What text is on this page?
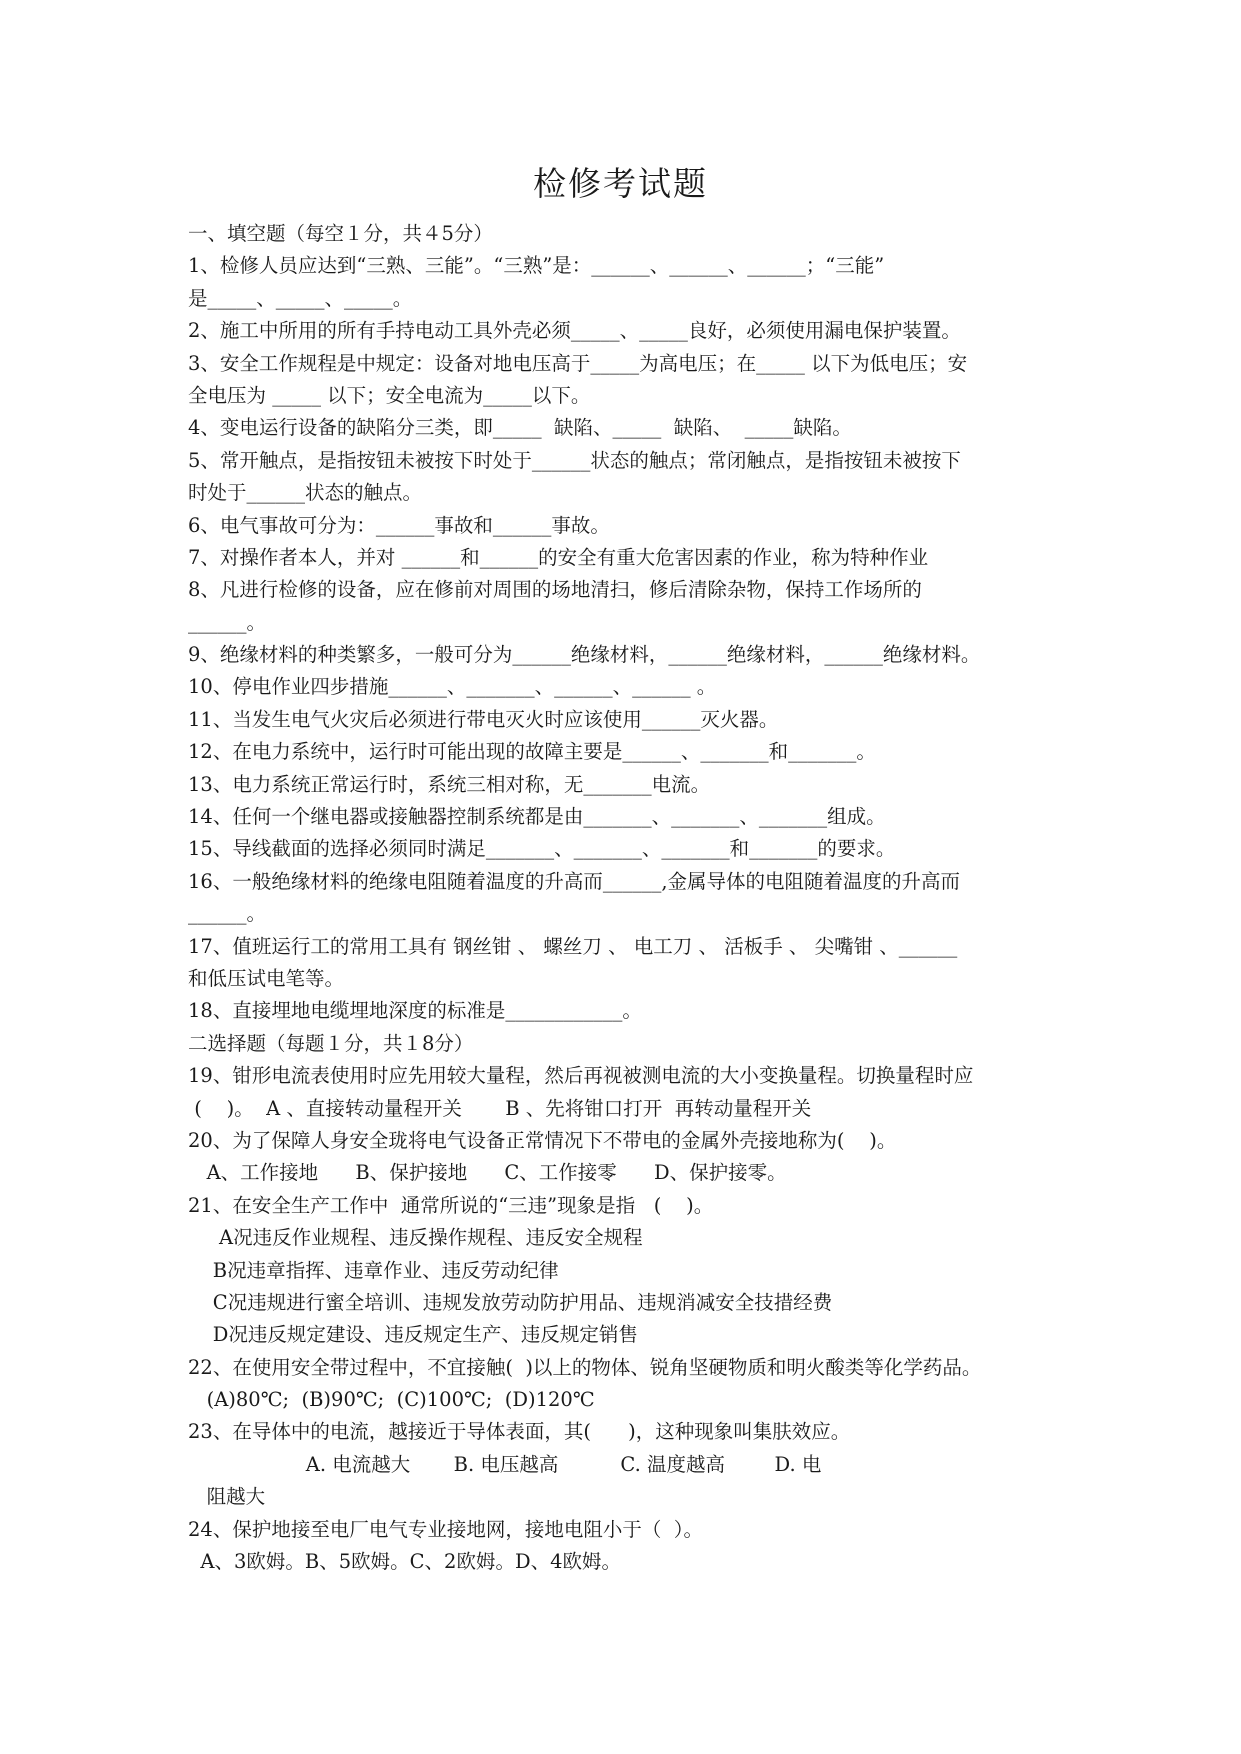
检修考试题
一、填空题（每空１分，共４5分）
1、检修人员应达到“三熟、三能”。“三熟”是：______、______、______；“三能”
是_____、_____、_____。
2、施工中所用的所有手持电动工具外壳必须_____、_____良好，必须使用漏电保护装置。
3、安全工作规程是中规定：设备对地电压高于_____为高电压；在_____ 以下为低电压；安
全电压为 _____ 以下；安全电流为_____以下。
4、变电运行设备的缺陷分三类，即_____  缺陷、_____  缺陷、  _____缺陷。
5、常开触点，是指按钮未被按下时处于______状态的触点；常闭触点，是指按钮未被按下
时处于______状态的触点。
6、电气事故可分为：______事故和______事故。
7、对操作者本人，并对 ______和______的安全有重大危害因素的作业，称为特种作业
8、凡进行检修的设备，应在修前对周围的场地清扫，修后清除杂物，保持工作场所的
______。
9、绝缘材料的种类繁多，一般可分为______绝缘材料，______绝缘材料，______绝缘材料。
10、停电作业四步措施______、_______、______、______ 。
11、当发生电气火灾后必须进行带电灭火时应该使用______灭火器。
12、在电力系统中，运行时可能出现的故障主要是______、_______和_______。
13、电力系统正常运行时，系统三相对称，无_______电流。
14、任何一个继电器或接触器控制系统都是由_______、_______、_______组成。
15、导线截面的选择必须同时满足_______、_______、_______和_______的要求。
16、一般绝缘材料的绝缘电阻随着温度的升高而______,金属导体的电阻随着温度的升高而
______。
17、值班运行工的常用工具有 钢丝钳 、 螺丝刀 、 电工刀 、 活板手 、 尖嘴钳 、______
和低压试电笔等。
18、直接埋地电缆埋地深度的标准是____________。
二选择题（每题１分，共１8分）
19、钳形电流表使用时应先用较大量程，然后再视被测电流的大小变换量程。切换量程时应
(    )。  A 、直接转动量程开关       B 、先将钳口打开  再转动量程开关
20、为了保障人身安全珑将电气设备正常情况下不带电的金属外壳接地称为(    )。
A、工作接地      B、保护接地      C、工作接零      D、保护接零。
21、在安全生产工作中  通常所说的“三违”现象是指   (    )。
A况违反作业规程、违反操作规程、违反安全规程
B况违章指挥、违章作业、违反劳动纪律
C况违规进行蜜全培训、违规发放劳动防护用品、违规消减安全技措经费
D况违反规定建设、违反规定生产、违反规定销售
22、在使用安全带过程中，不宜接触(  )以上的物体、锐角坚硬物质和明火酸类等化学药品。
(A)80℃;  (B)90℃;  (C)100℃;  (D)120℃
23、在导体中的电流，越接近于导体表面，其(      )，这种现象叫集肤效应。
A. 电流越大       B. 电压越高          C. 温度越高        D. 电
阻越大
24、保护地接至电厂电气专业接地网，接地电阻小于（  ）。
A、3欧姆。B、5欧姆。C、2欧姆。D、4欧姆。
